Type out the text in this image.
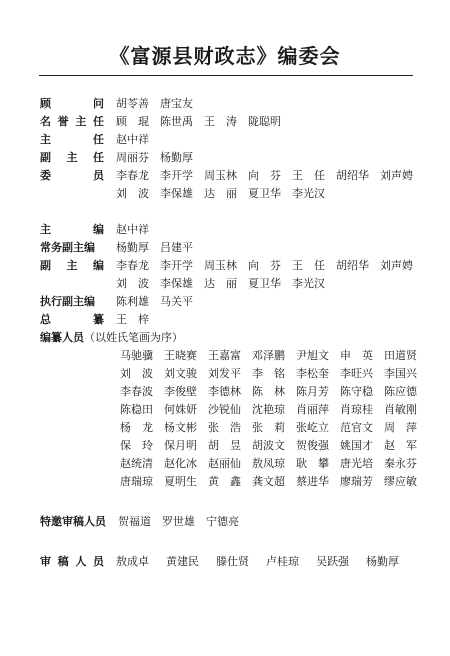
《富源县财政志》编委会
顾	问 胡苓善	唐宝友
名 誉 主 任 顾　琨	陈世禹	王　涛	陇聪明
主	任 赵中祥
副 主 任 周丽芬	杨勤厚
委	员 李春龙	李开学	周玉林	向　芬	王　任	胡绍华	刘声娉
刘　波	李保雄	达　丽	夏卫华	李光汉
主	编 赵中祥
常务副主编 杨勤厚	吕建平
副 主 编 李春龙	李开学	周玉林	向　芬	王　任	胡绍华	刘声娉
刘　波	李保雄	达　丽	夏卫华	李光汉
执行副主编 陈利雄	马关平
总	纂 王　梓
编纂人员（以姓氏笔画为序）
马驰骥	王晓赛	王嘉富	邓泽鹏	尹旭文	申　英	田道贤
刘　波	刘文骏	刘发平	李　铭	李松奎	李旺兴	李国兴
李春波	李俊壁	李德林	陈　林	陈月芳	陈守稳	陈应德
陈稳田	何姝妍	沙锐仙	沈艳琼	肖丽萍	肖琼桂	肖敏刚
杨　龙	杨文彬	张　浩	张　莉	张屹立	范官文	周　萍
保　玲	保月明	胡　昱	胡波文	贺俊强	姚国才	赵　军
赵统清	赵化冰	赵丽仙	敖凤琼	耿　攀	唐光培	秦永芬
唐瑞琼	夏明生	黄　鑫	龚文超	蔡进华	廖瑞芳	缪应敏
特邀审稿人员 贺福道	罗世雄	宁德亮
审 稿 人 员 敖成卓	黄建民	滕仕贤	卢桂琼	吴跃强	杨勤厚
